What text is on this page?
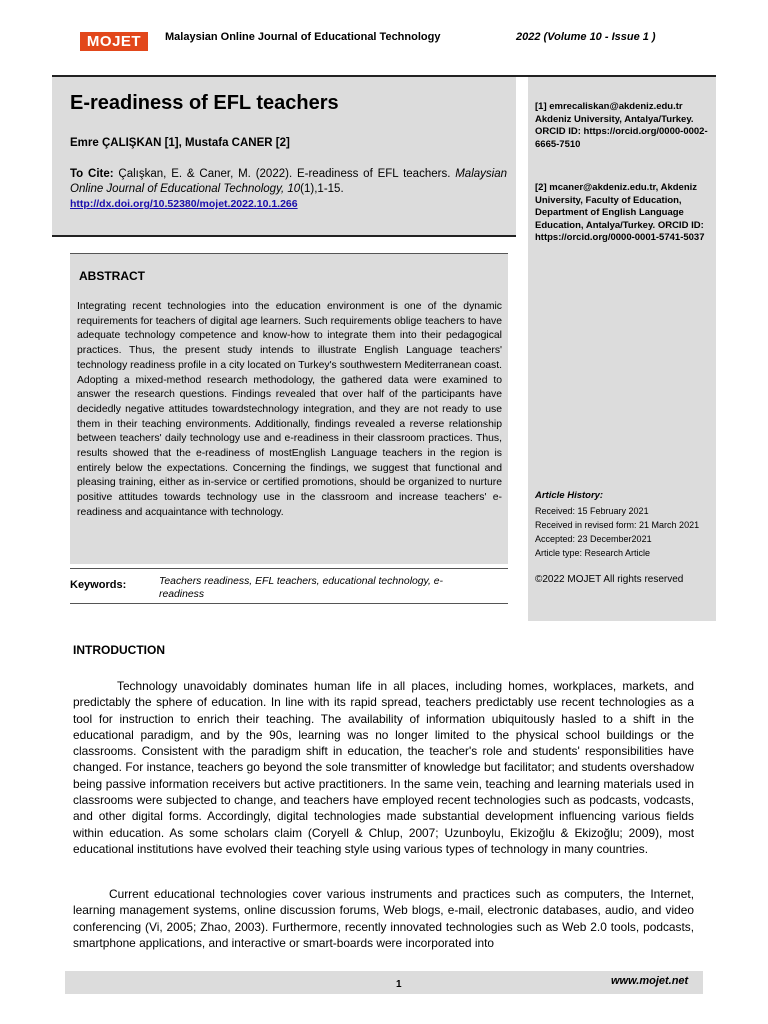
MOJET	Malaysian Online Journal of Educational Technology	2022 (Volume 10 - Issue 1 )
E-readiness of EFL teachers
Emre ÇALIŞKAN [1], Mustafa CANER [2]
To Cite: Çalışkan, E. & Caner, M. (2022). E-readiness of EFL teachers. Malaysian Online Journal of Educational Technology, 10(1),1-15.
http://dx.doi.org/10.52380/mojet.2022.10.1.266
[1] emrecaliskan@akdeniz.edu.tr Akdeniz University, Antalya/Turkey. ORCID ID: https://orcid.org/0000-0002-6665-7510
[2] mcaner@akdeniz.edu.tr, Akdeniz University, Faculty of Education, Department of English Language Education, Antalya/Turkey. ORCID ID: https://orcid.org/0000-0001-5741-5037
Article History:
Received: 15 February 2021
Received in revised form: 21 March 2021
Accepted: 23 December2021
Article type: Research Article
©2022 MOJET All rights reserved
ABSTRACT
Integrating recent technologies into the education environment is one of the dynamic requirements for teachers of digital age learners. Such requirements oblige teachers to have adequate technology competence and know-how to integrate them into their pedagogical practices. Thus, the present study intends to illustrate English Language teachers' technology readiness profile in a city located on Turkey's southwestern Mediterranean coast. Adopting a mixed-method research methodology, the gathered data were examined to answer the research questions. Findings revealed that over half of the participants have decidedly negative attitudes towardstechnology integration, and they are not ready to use them in their teaching environments. Additionally, findings revealed a reverse relationship between teachers' daily technology use and e-readiness in their classroom practices. Thus, results showed that the e-readiness of mostEnglish Language teachers in the region is entirely below the expectations. Concerning the findings, we suggest that functional and pleasing training, either as in-service or certified promotions, should be organized to nurture positive attitudes towards technology use in the classroom and increase teachers' e-readiness and acquaintance with technology.
Keywords:	Teachers readiness, EFL teachers, educational technology, e-readiness
INTRODUCTION
Technology unavoidably dominates human life in all places, including homes, workplaces, markets, and predictably the sphere of education. In line with its rapid spread, teachers predictably use recent technologies as a tool for instruction to enrich their teaching. The availability of information ubiquitously hasled to a shift in the educational paradigm, and by the 90s, learning was no longer limited to the physical school buildings or the classrooms. Consistent with the paradigm shift in education, the teacher's role and students' responsibilities have changed. For instance, teachers go beyond the sole transmitter of knowledge but facilitator; and students overshadow being passive information receivers but active practitioners. In the same vein, teaching and learning materials used in classrooms were subjected to change, and teachers have employed recent technologies such as podcasts, vodcasts, and other digital forms. Accordingly, digital technologies made substantial development influencing various fields within education. As some scholars claim (Coryell & Chlup, 2007; Uzunboylu, Ekizoğlu & Ekizoğlu; 2009), most educational institutions have evolved their teaching style using various types of technology in many countries.
Current educational technologies cover various instruments and practices such as computers, the Internet, learning management systems, online discussion forums, Web blogs, e-mail, electronic databases, audio, and video conferencing (Vi, 2005; Zhao, 2003). Furthermore, recently innovated technologies such as Web 2.0 tools, podcasts, smartphone applications, and interactive or smart-boards were incorporated into
1	www.mojet.net
